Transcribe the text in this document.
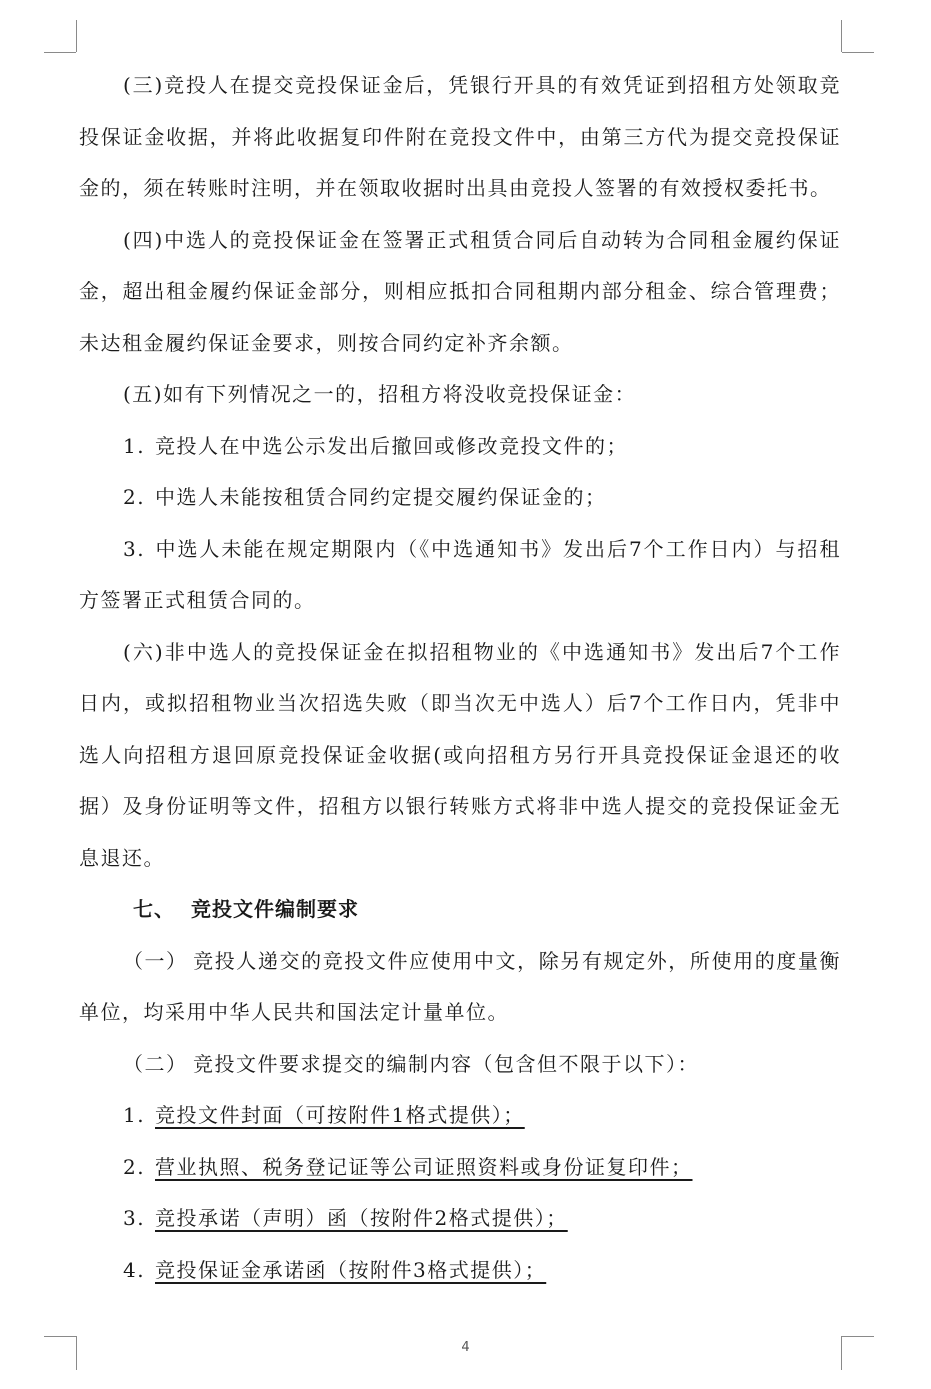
(三)竞投人在提交竞投保证金后，凭银行开具的有效凭证到招租方处领取竞投保证金收据，并将此收据复印件附在竞投文件中，由第三方代为提交竞投保证金的，须在转账时注明，并在领取收据时出具由竞投人签署的有效授权委托书。

(四)中选人的竞投保证金在签署正式租赁合同后自动转为合同租金履约保证金，超出租金履约保证金部分，则相应抵扣合同租期内部分租金、综合管理费；未达租金履约保证金要求，则按合同约定补齐余额。

(五)如有下列情况之一的，招租方将没收竞投保证金：

1. 竞投人在中选公示发出后撤回或修改竞投文件的；

2. 中选人未能按租赁合同约定提交履约保证金的；

3. 中选人未能在规定期限内（《中选通知书》发出后7个工作日内）与招租方签署正式租赁合同的。

(六)非中选人的竞投保证金在拟招租物业的《中选通知书》发出后7个工作日内，或拟招租物业当次招选失败（即当次无中选人）后7个工作日内，凭非中选人向招租方退回原竞投保证金收据(或向招租方另行开具竞投保证金退还的收据）及身份证明等文件，招租方以银行转账方式将非中选人提交的竞投保证金无息退还。

七、 竞投文件编制要求

（一） 竞投人递交的竞投文件应使用中文，除另有规定外，所使用的度量衡单位，均采用中华人民共和国法定计量单位。

（二） 竞投文件要求提交的编制内容（包含但不限于以下）：

1. 竞投文件封面（可按附件1格式提供）；

2. 营业执照、税务登记证等公司证照资料或身份证复印件；

3. 竞投承诺（声明）函（按附件2格式提供）；

4. 竞投保证金承诺函（按附件3格式提供）；

4
